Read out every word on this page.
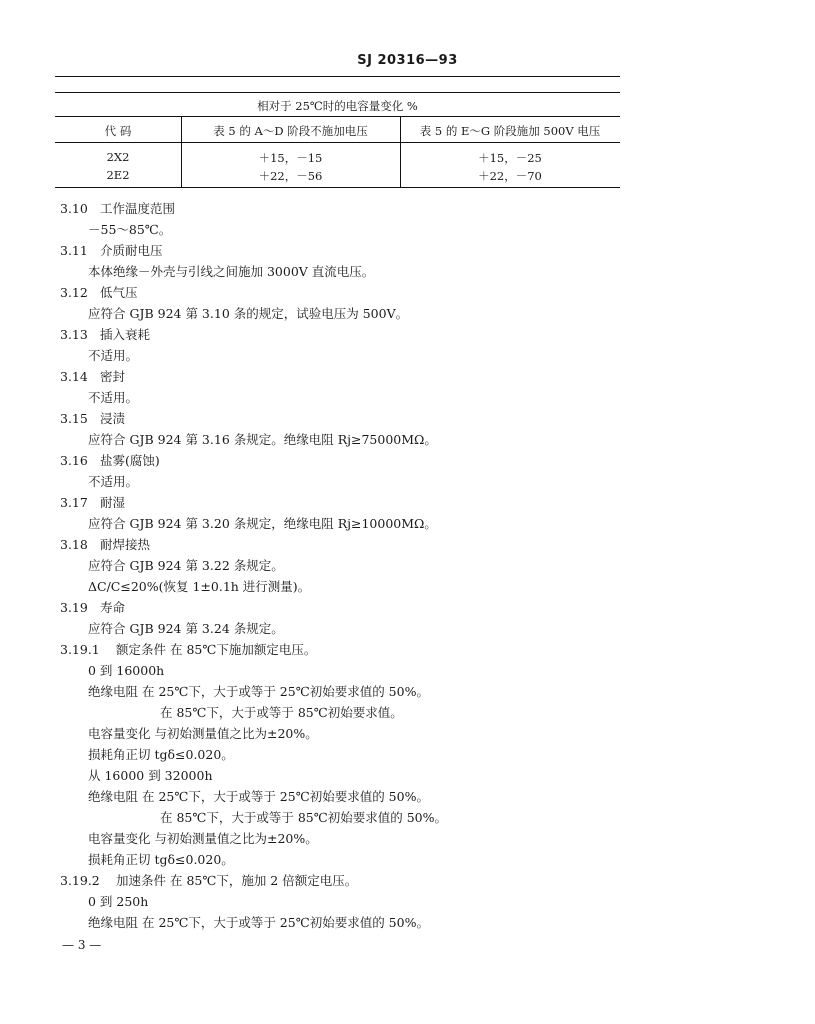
SJ 20316—93
相对于 25℃时的电容量变化 %
代 码	表 5 的 A～D 阶段不施加电压	表 5 的 E～G 阶段施加 500V 电压
2X2	＋15，－15	＋15，－25
2E2	＋22，－56	＋22，－70
3.10 工作温度范围
－55～85℃。
3.11 介质耐电压
本体绝缘－外壳与引线之间施加 3000V 直流电压。
3.12 低气压
应符合 GJB 924 第 3.10 条的规定，试验电压为 500V。
3.13 插入衰耗
不适用。
3.14 密封
不适用。
3.15 浸渍
应符合 GJB 924 第 3.16 条规定。绝缘电阻 Rj≥75000MΩ。
3.16 盐雾(腐蚀)
不适用。
3.17 耐湿
应符合 GJB 924 第 3.20 条规定，绝缘电阻 Rj≥10000MΩ。
3.18 耐焊接热
应符合 GJB 924 第 3.22 条规定。
ΔC/C≤20%(恢复 1±0.1h 进行测量)。
3.19 寿命
应符合 GJB 924 第 3.24 条规定。
3.19.1 额定条件 在 85℃下施加额定电压。
0 到 16000h
绝缘电阻 在 25℃下，大于或等于 25℃初始要求值的 50%。
在 85℃下，大于或等于 85℃初始要求值。
电容量变化 与初始测量值之比为±20%。
损耗角正切 tgδ≤0.020。
从 16000 到 32000h
绝缘电阻 在 25℃下，大于或等于 25℃初始要求值的 50%。
在 85℃下，大于或等于 85℃初始要求值的 50%。
电容量变化 与初始测量值之比为±20%。
损耗角正切 tgδ≤0.020。
3.19.2 加速条件 在 85℃下，施加 2 倍额定电压。
0 到 250h
绝缘电阻 在 25℃下，大于或等于 25℃初始要求值的 50%。
— 3 —
